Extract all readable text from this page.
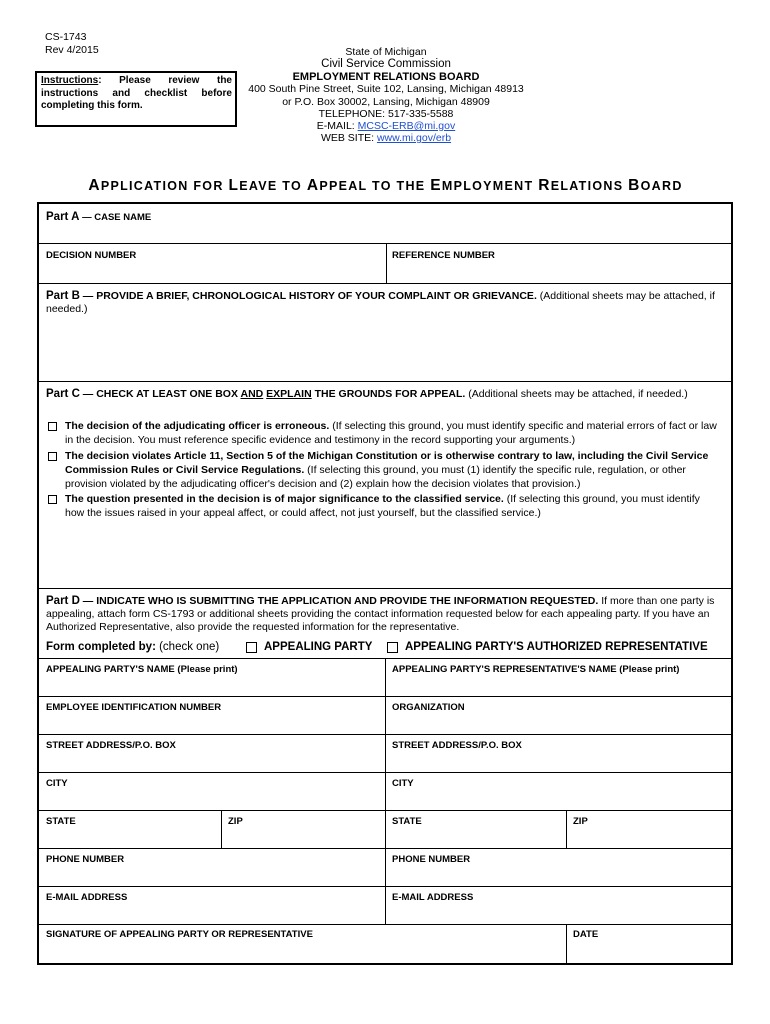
CS-1743
Rev 4/2015
Instructions: Please review the instructions and checklist before completing this form.
State of Michigan
Civil Service Commission
EMPLOYMENT RELATIONS BOARD
400 South Pine Street, Suite 102, Lansing, Michigan 48913
or P.O. Box 30002, Lansing, Michigan 48909
TELEPHONE: 517-335-5588
E-MAIL: MCSC-ERB@mi.gov
WEB SITE: www.mi.gov/erb
APPLICATION FOR LEAVE TO APPEAL TO THE EMPLOYMENT RELATIONS BOARD
Part A — CASE NAME
DECISION NUMBER	REFERENCE NUMBER
Part B — PROVIDE A BRIEF, CHRONOLOGICAL HISTORY OF YOUR COMPLAINT OR GRIEVANCE. (Additional sheets may be attached, if needed.)
Part C — CHECK AT LEAST ONE BOX AND EXPLAIN THE GROUNDS FOR APPEAL. (Additional sheets may be attached, if needed.)
The decision of the adjudicating officer is erroneous. (If selecting this ground, you must identify specific and material errors of fact or law in the decision. You must reference specific evidence and testimony in the record supporting your arguments.)
The decision violates Article 11, Section 5 of the Michigan Constitution or is otherwise contrary to law, including the Civil Service Commission Rules or Civil Service Regulations. (If selecting this ground, you must (1) identify the specific rule, regulation, or other provision violated by the adjudicating officer's decision and (2) explain how the decision violates that provision.)
The question presented in the decision is of major significance to the classified service. (If selecting this ground, you must identify how the issues raised in your appeal affect, or could affect, not just yourself, but the classified service.)
Part D — INDICATE WHO IS SUBMITTING THE APPLICATION AND PROVIDE THE INFORMATION REQUESTED. If more than one party is appealing, attach form CS-1793 or additional sheets providing the contact information requested below for each appealing party. If you have an Authorized Representative, also provide the requested information for the representative.
Form completed by: (check one)	APPEALING PARTY	APPEALING PARTY'S AUTHORIZED REPRESENTATIVE
APPEALING PARTY'S NAME (Please print)	APPEALING PARTY'S REPRESENTATIVE'S NAME (Please print)
EMPLOYEE IDENTIFICATION NUMBER	ORGANIZATION
STREET ADDRESS/P.O. BOX	STREET ADDRESS/P.O. BOX
CITY	CITY
STATE	ZIP	STATE	ZIP
PHONE NUMBER	PHONE NUMBER
E-MAIL ADDRESS	E-MAIL ADDRESS
SIGNATURE OF APPEALING PARTY OR REPRESENTATIVE	DATE
